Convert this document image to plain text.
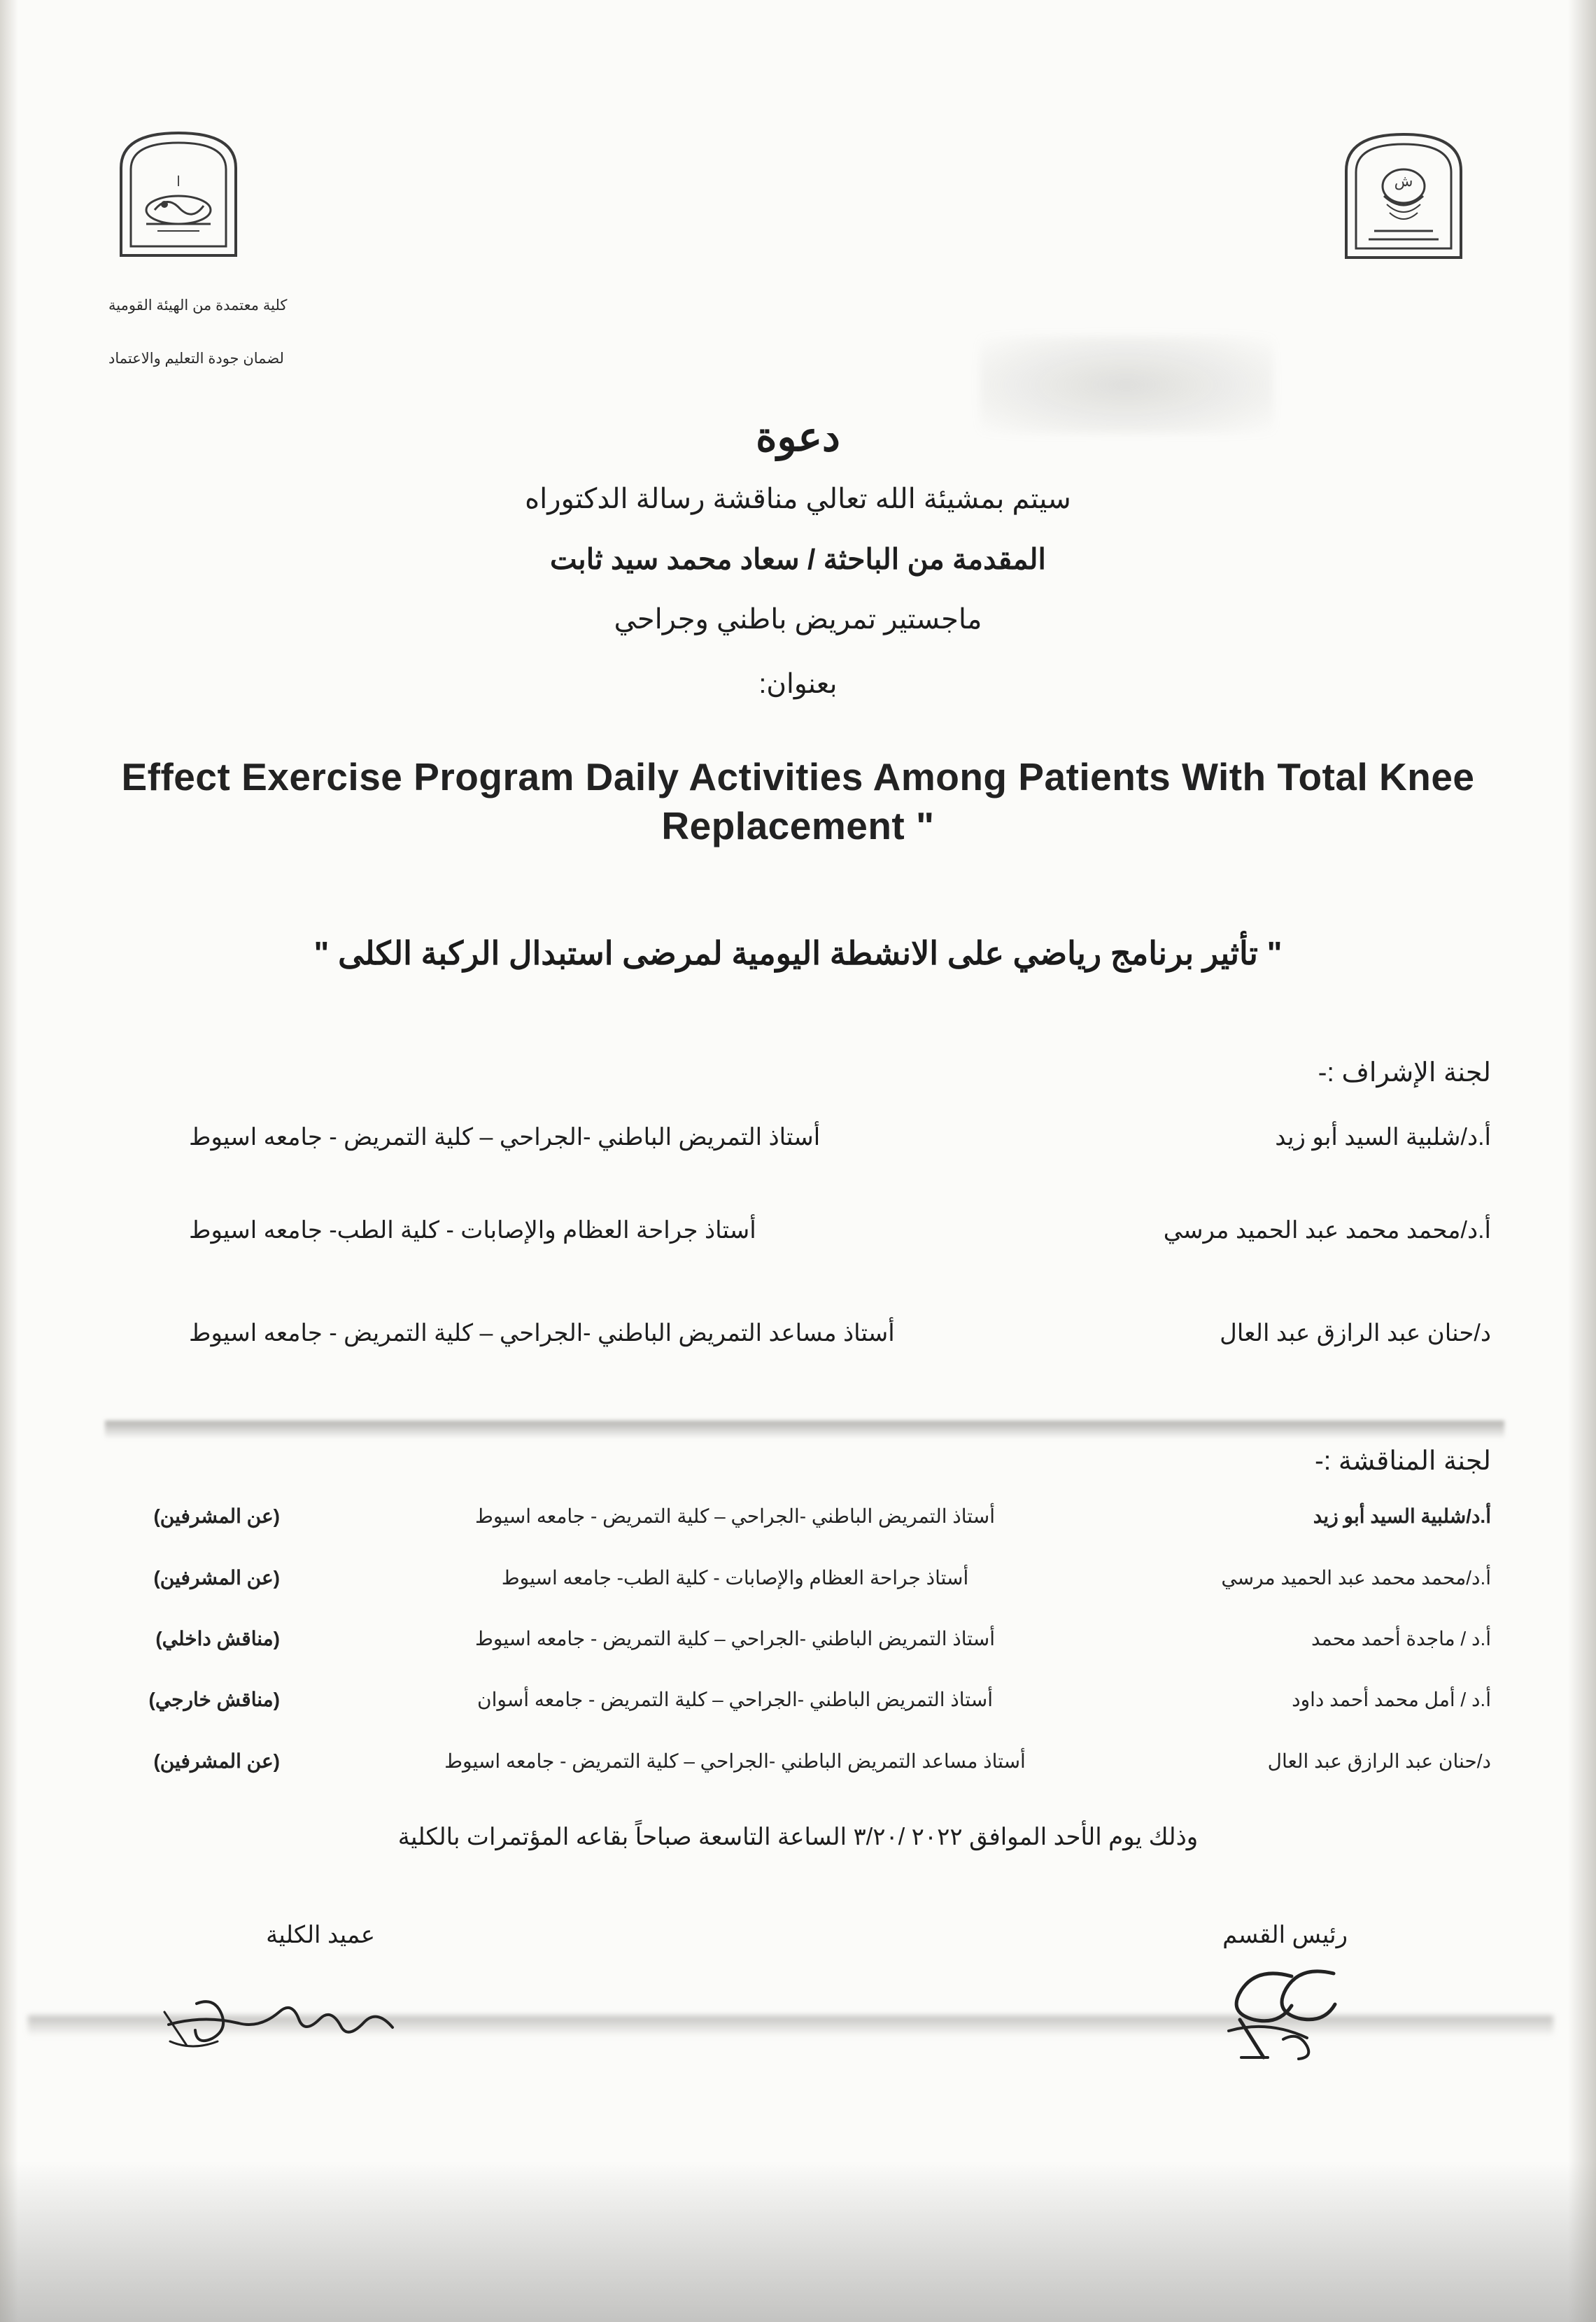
ا	ش
كلية معتمدة من الهيئة القومية
لضمان جودة التعليم والاعتماد
دعوة
سيتم بمشيئة الله تعالي مناقشة رسالة الدكتوراه
المقدمة من الباحثة / سعاد محمد سيد ثابت
ماجستير تمريض باطني وجراحي
بعنوان:
Effect Exercise Program Daily Activities Among Patients With Total Knee Replacement "
" تأثير برنامج رياضي على الانشطة اليومية لمرضى استبدال الركبة الكلى "
لجنة الإشراف :-
أ.د/شلبية السيد أبو زيد
أستاذ التمريض الباطني -الجراحي – كلية التمريض - جامعه اسيوط
أ.د/محمد محمد عبد الحميد مرسي
أستاذ جراحة العظام والإصابات - كلية الطب- جامعه اسيوط
د/حنان عبد الرازق عبد العال
أستاذ مساعد التمريض الباطني -الجراحي – كلية التمريض - جامعه اسيوط
لجنة المناقشة :-
أ.د/شلبية السيد أبو زيد
أستاذ التمريض الباطني -الجراحي – كلية التمريض - جامعه اسيوط
(عن المشرفين)
أ.د/محمد محمد عبد الحميد مرسي
أستاذ جراحة العظام والإصابات - كلية الطب- جامعه اسيوط
(عن المشرفين)
أ.د / ماجدة أحمد محمد
أستاذ التمريض الباطني -الجراحي – كلية التمريض - جامعه اسيوط
(مناقش داخلي)
أ.د / أمل محمد أحمد داود
أستاذ التمريض الباطني -الجراحي – كلية التمريض - جامعه أسوان
(مناقش خارجي)
د/حنان عبد الرازق عبد العال
أستاذ مساعد التمريض الباطني -الجراحي – كلية التمريض - جامعه اسيوط
(عن المشرفين)
وذلك يوم الأحد الموافق ٢٠٢٢ /٣/٢٠ الساعة التاسعة صباحاً بقاعه المؤتمرات بالكلية
عميد الكلية	رئيس القسم
